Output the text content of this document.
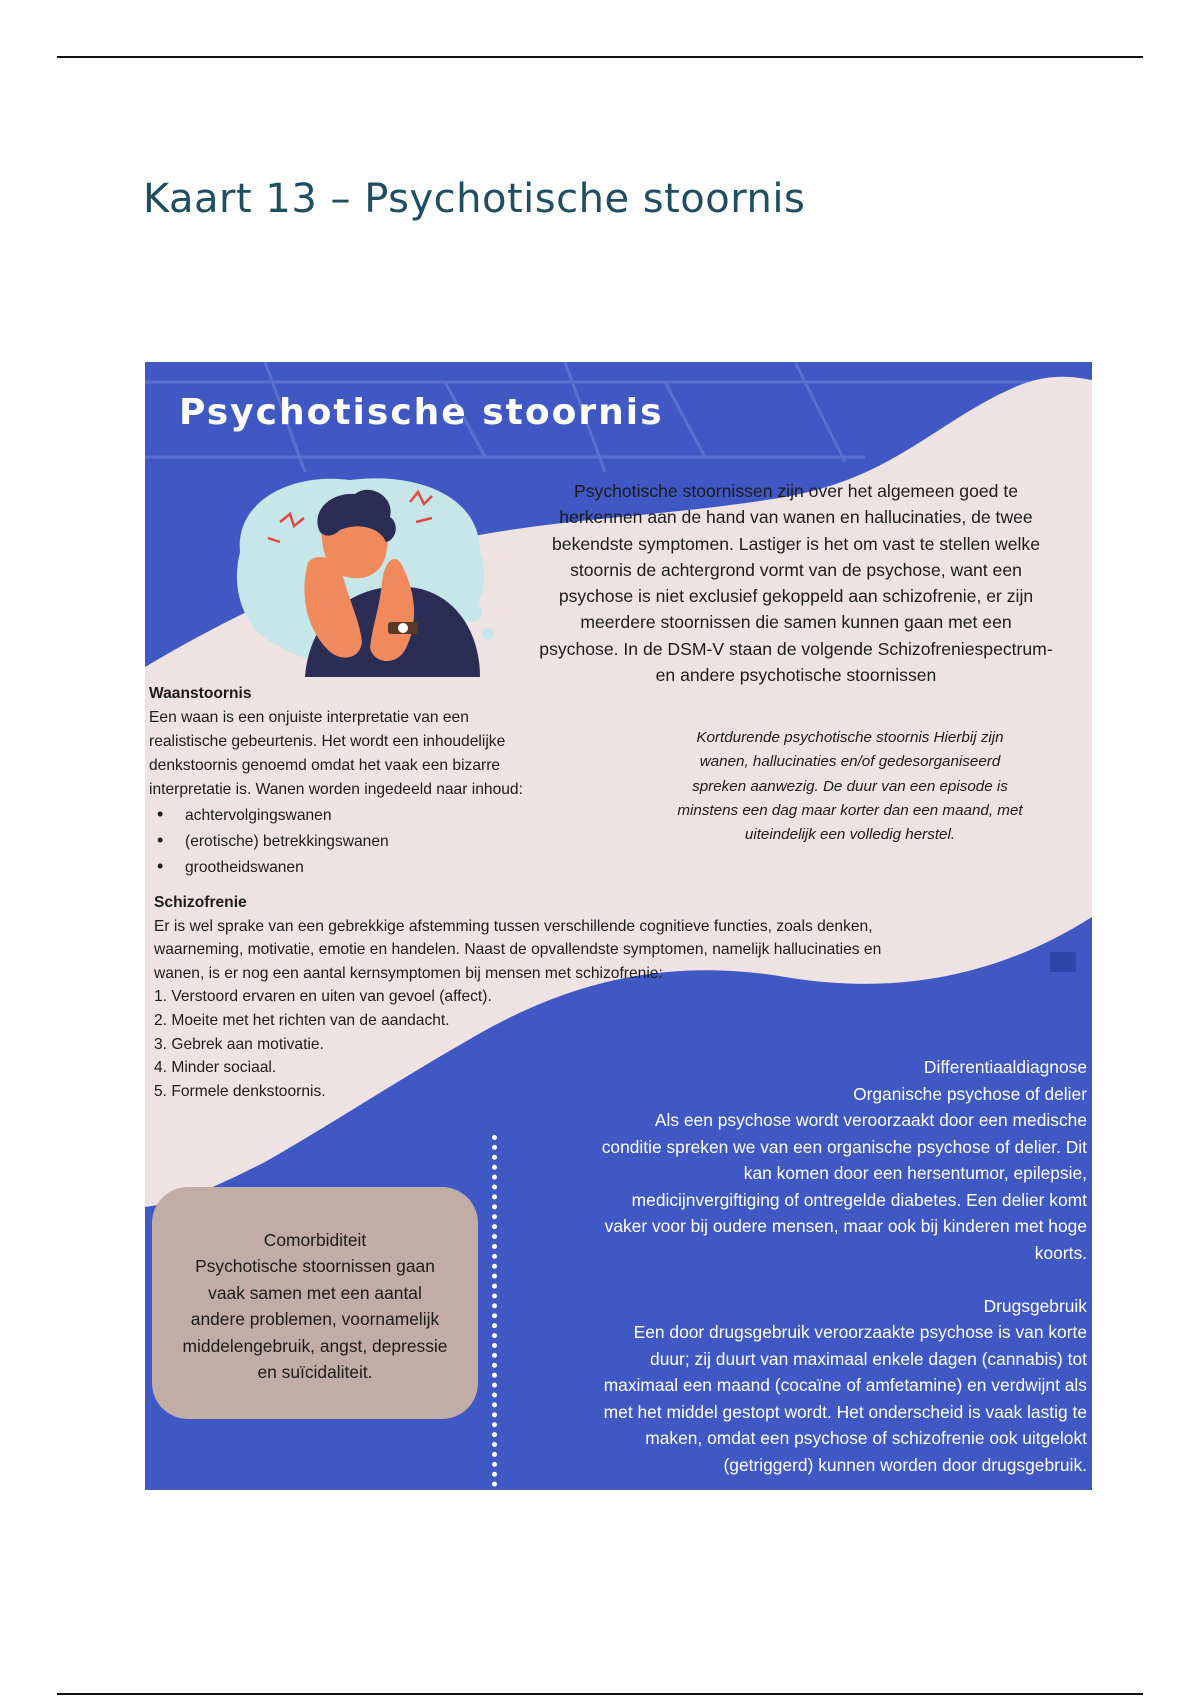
Kaart 13 – Psychotische stoornis
Psychotische stoornis
Psychotische stoornissen zijn over het algemeen goed te
herkennen aan de hand van wanen en hallucinaties, de twee
bekendste symptomen. Lastiger is het om vast te stellen welke
stoornis de achtergrond vormt van de psychose, want een
psychose is niet exclusief gekoppeld aan schizofrenie, er zijn
meerdere stoornissen die samen kunnen gaan met een
psychose. In de DSM-V staan de volgende Schizofreniespectrum-
en andere psychotische stoornissen
Waanstoornis
Een waan is een onjuiste interpretatie van een
realistische gebeurtenis. Het wordt een inhoudelijke
denkstoornis genoemd omdat het vaak een bizarre
interpretatie is. Wanen worden ingedeeld naar inhoud:
• achtervolgingswanen
• (erotische) betrekkingswanen
• grootheidswanen
Kortdurende psychotische stoornis Hierbij zijn
wanen, hallucinaties en/of gedesorganiseerd
spreken aanwezig. De duur van een episode is
minstens een dag maar korter dan een maand, met
uiteindelijk een volledig herstel.
Schizofrenie
Er is wel sprake van een gebrekkige afstemming tussen verschillende cognitieve functies, zoals denken,
waarneming, motivatie, emotie en handelen. Naast de opvallendste symptomen, namelijk hallucinaties en
wanen, is er nog een aantal kernsymptomen bij mensen met schizofrenie:
1. Verstoord ervaren en uiten van gevoel (affect).
2. Moeite met het richten van de aandacht.
3. Gebrek aan motivatie.
4. Minder sociaal.
5. Formele denkstoornis.
Comorbiditeit
Psychotische stoornissen gaan
vaak samen met een aantal
andere problemen, voornamelijk
middelengebruik, angst, depressie
en suïcidaliteit.
Differentiaaldiagnose
Organische psychose of delier
Als een psychose wordt veroorzaakt door een medische
conditie spreken we van een organische psychose of delier. Dit
kan komen door een hersentumor, epilepsie,
medicijnvergiftiging of ontregelde diabetes. Een delier komt
vaker voor bij oudere mensen, maar ook bij kinderen met hoge
koorts.
Drugsgebruik
Een door drugsgebruik veroorzaakte psychose is van korte
duur; zij duurt van maximaal enkele dagen (cannabis) tot
maximaal een maand (cocaïne of amfetamine) en verdwijnt als
met het middel gestopt wordt. Het onderscheid is vaak lastig te
maken, omdat een psychose of schizofrenie ook uitgelokt
(getriggerd) kunnen worden door drugsgebruik.
